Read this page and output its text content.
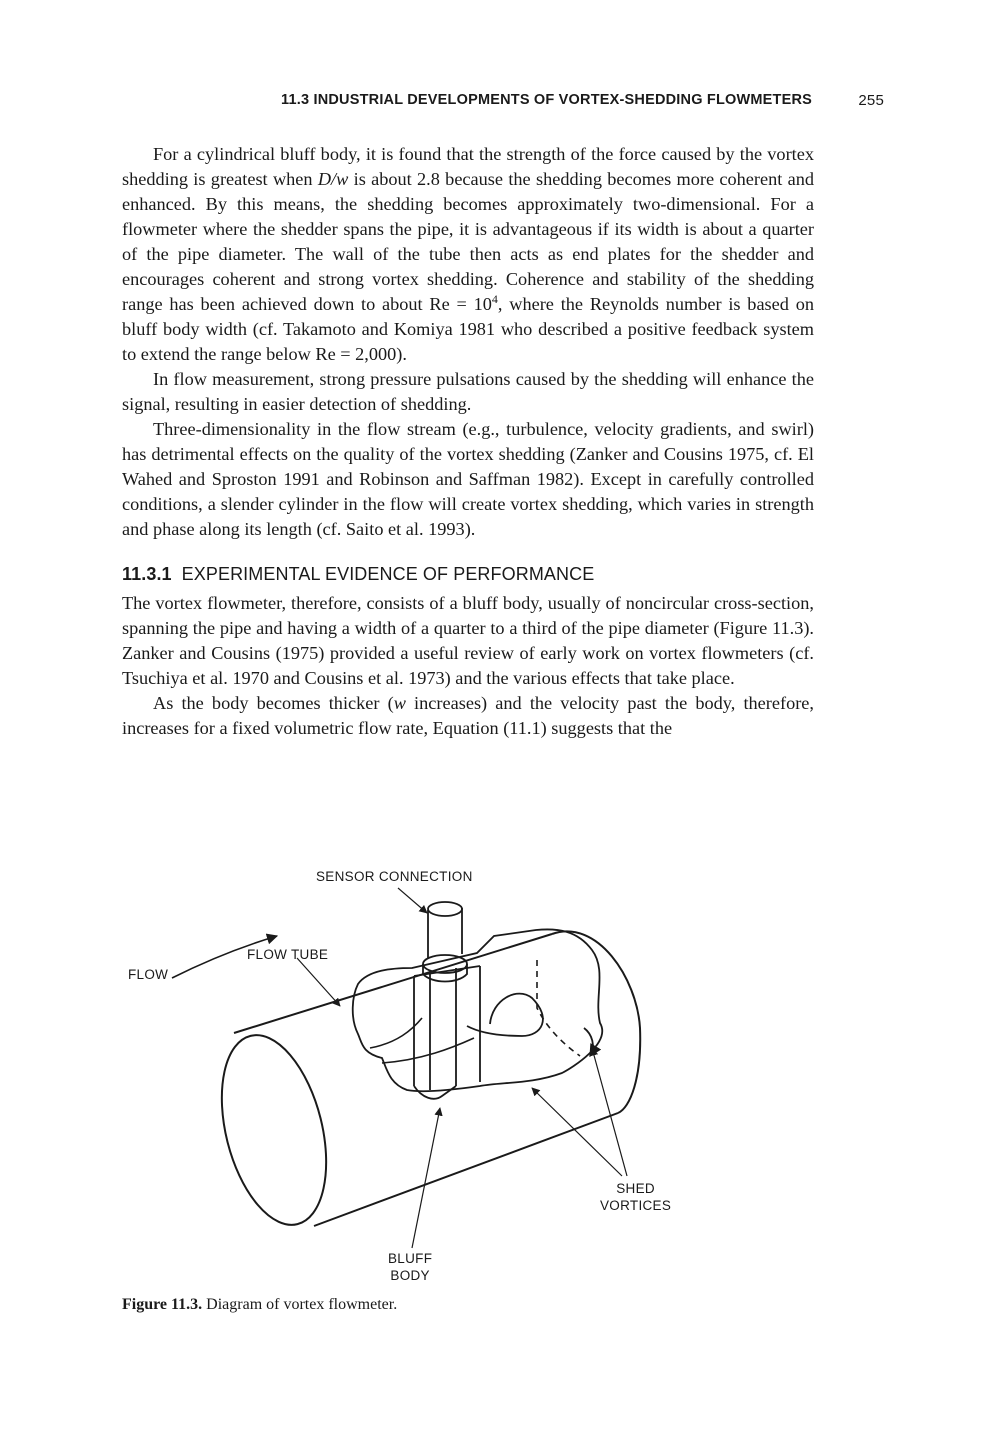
11.3 INDUSTRIAL DEVELOPMENTS OF VORTEX-SHEDDING FLOWMETERS	255

For a cylindrical bluff body, it is found that the strength of the force caused by the vortex shedding is greatest when D/w is about 2.8 because the shedding becomes more coherent and enhanced. By this means, the shedding becomes approximately two-dimensional. For a flowmeter where the shedder spans the pipe, it is advantageous if its width is about a quarter of the pipe diameter. The wall of the tube then acts as end plates for the shedder and encourages coherent and strong vortex shedding. Coherence and stability of the shedding range has been achieved down to about $Re = 10^4$, where the Reynolds number is based on bluff body width (cf. Takamoto and Komiya 1981 who described a positive feedback system to extend the range below Re = 2,000).

In flow measurement, strong pressure pulsations caused by the shedding will enhance the signal, resulting in easier detection of shedding.

Three-dimensionality in the flow stream (e.g., turbulence, velocity gradients, and swirl) has detrimental effects on the quality of the vortex shedding (Zanker and Cousins 1975, cf. El Wahed and Sproston 1991 and Robinson and Saffman 1982). Except in carefully controlled conditions, a slender cylinder in the flow will create vortex shedding, which varies in strength and phase along its length (cf. Saito et al. 1993).

11.3.1 EXPERIMENTAL EVIDENCE OF PERFORMANCE

The vortex flowmeter, therefore, consists of a bluff body, usually of noncircular cross-section, spanning the pipe and having a width of a quarter to a third of the pipe diameter (Figure 11.3). Zanker and Cousins (1975) provided a useful review of early work on vortex flowmeters (cf. Tsuchiya et al. 1970 and Cousins et al. 1973) and the various effects that take place.

As the body becomes thicker (w increases) and the velocity past the body, therefore, increases for a fixed volumetric flow rate, Equation (11.1) suggests that the

SENSOR CONNECTION
FLOW TUBE
FLOW
SHED
VORTICES
BLUFF
BODY
Figure 11.3. Diagram of vortex flowmeter.
